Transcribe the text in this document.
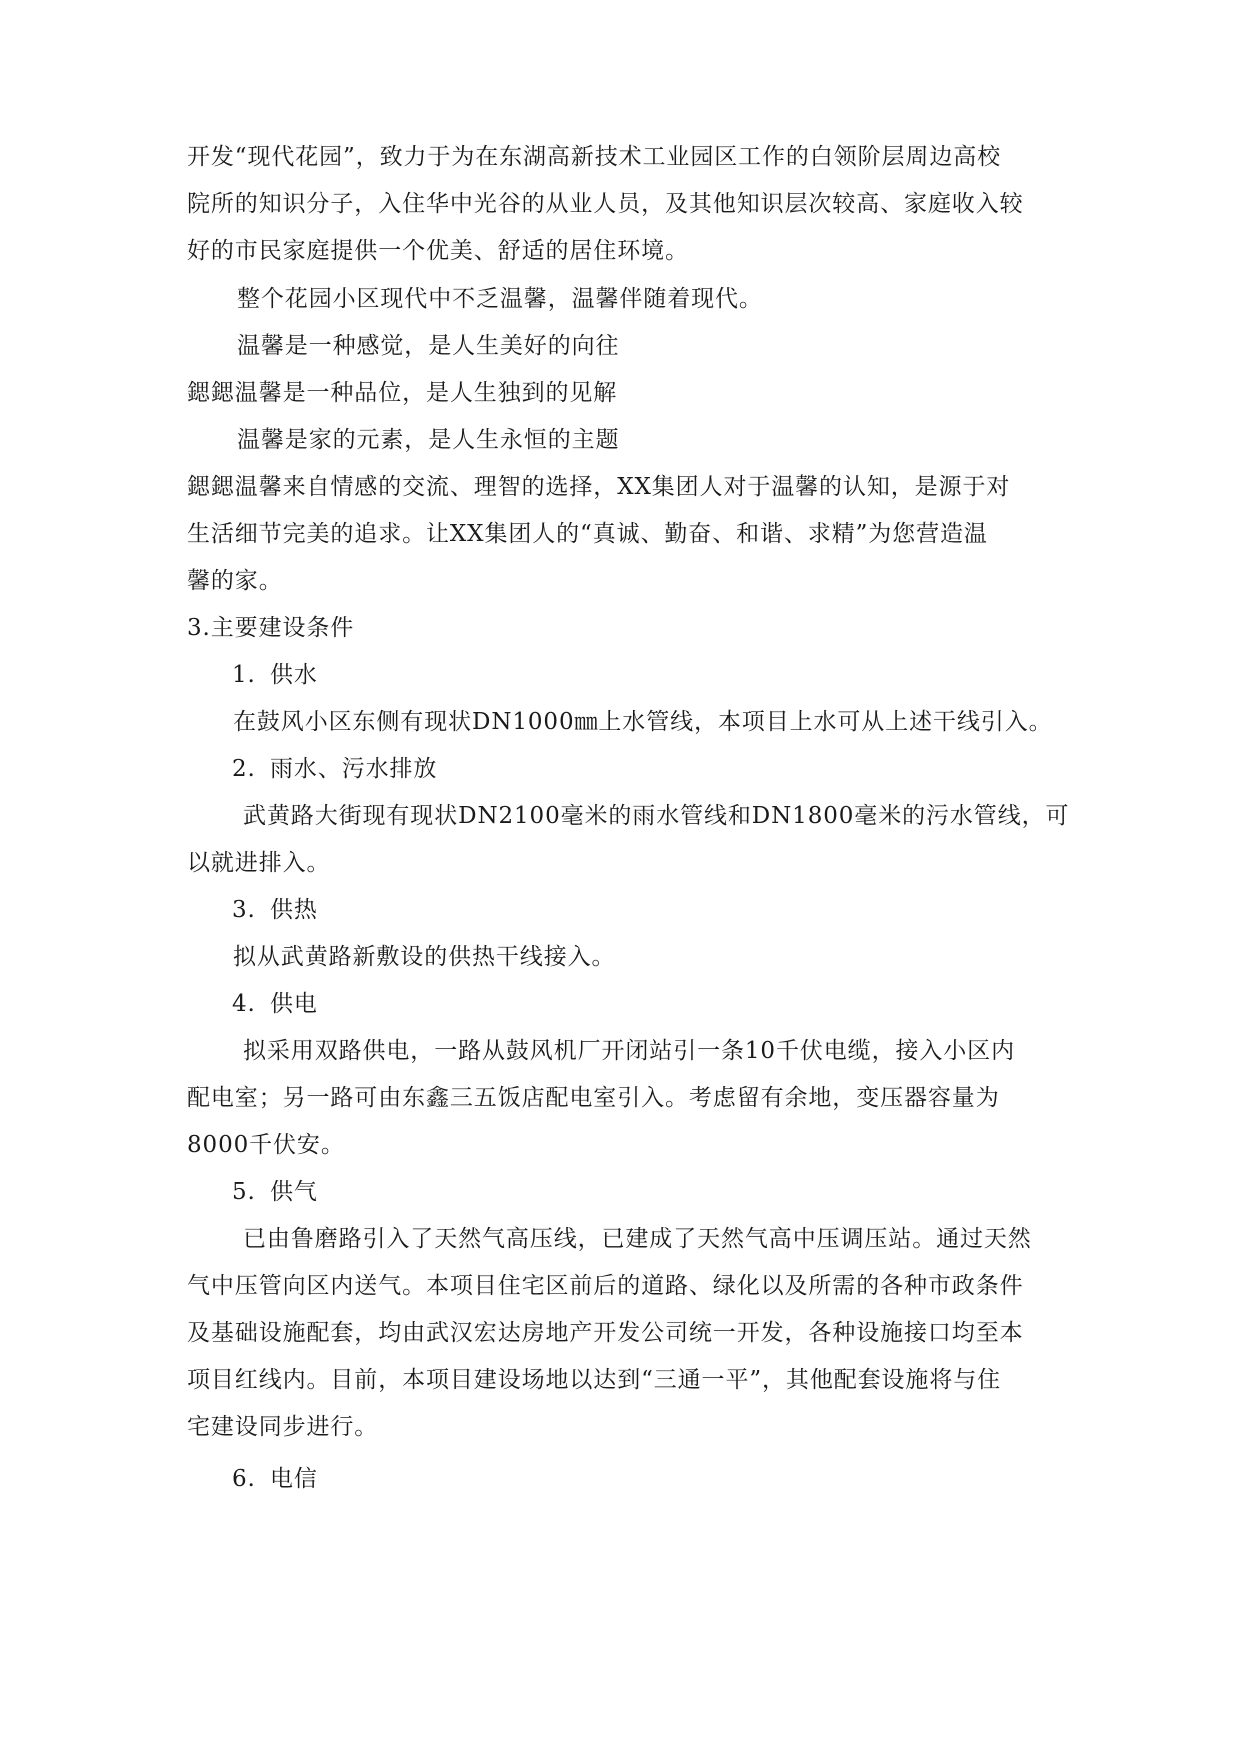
开发“现代花园”，致力于为在东湖高新技术工业园区工作的白领阶层周边高校
院所的知识分子，入住华中光谷的从业人员，及其他知识层次较高、家庭收入较
好的市民家庭提供一个优美、舒适的居住环境。
整个花园小区现代中不乏温馨，温馨伴随着现代。
温馨是一种感觉，是人生美好的向往
鍶鍶温馨是一种品位，是人生独到的见解
温馨是家的元素，是人生永恒的主题
鍶鍶温馨来自情感的交流、理智的选择，XX集团人对于温馨的认知，是源于对
生活细节完美的追求。让XX集团人的“真诚、勤奋、和谐、求精”为您营造温
馨的家。
3.主要建设条件
1. 供水
在鼓风小区东侧有现状DN1000㎜上水管线，本项目上水可从上述干线引入。
2. 雨水、污水排放
武黄路大街现有现状DN2100毫米的雨水管线和DN1800毫米的污水管线，可
以就进排入。
3. 供热
拟从武黄路新敷设的供热干线接入。
4. 供电
拟采用双路供电，一路从鼓风机厂开闭站引一条10千伏电缆，接入小区内
配电室；另一路可由东鑫三五饭店配电室引入。考虑留有余地，变压器容量为
8000千伏安。
5. 供气
已由鲁磨路引入了天然气高压线，已建成了天然气高中压调压站。通过天然
气中压管向区内送气。本项目住宅区前后的道路、绿化以及所需的各种市政条件
及基础设施配套，均由武汉宏达房地产开发公司统一开发，各种设施接口均至本
项目红线内。目前，本项目建设场地以达到“三通一平”，其他配套设施将与住
宅建设同步进行。
6. 电信
